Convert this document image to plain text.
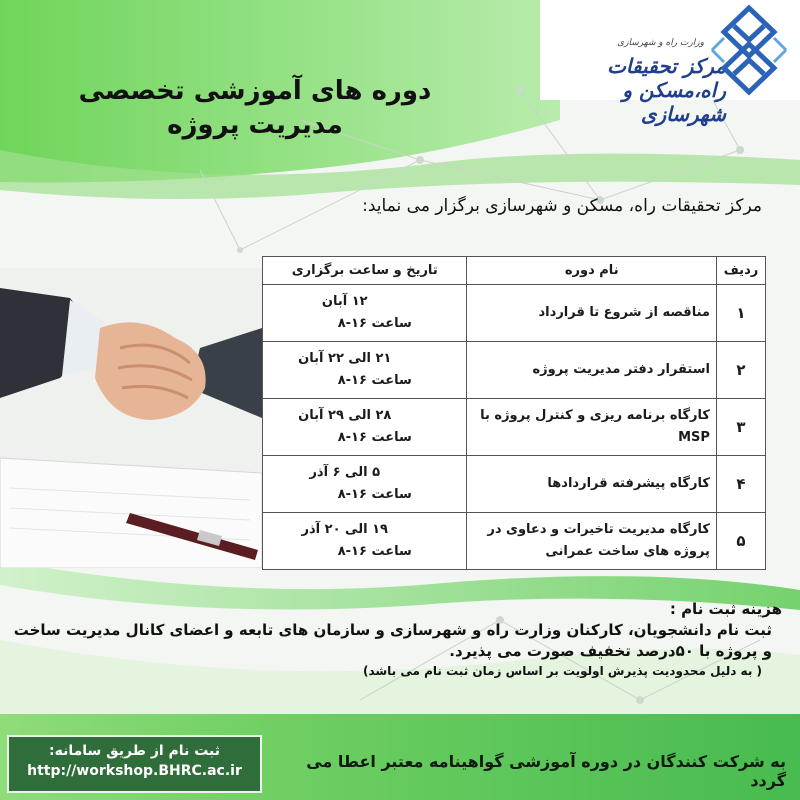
دوره های آموزشی تخصصی
مدیریت پروژه
وزارت راه و شهرسازی
مرکز تحقیقات راه،مسکن و شهرسازی
مرکز تحقیقات راه، مسکن و شهرسازی برگزار می نماید:
ردیف	نام دوره	تاریخ و ساعت برگزاری
۱	مناقصه از شروع تا قرارداد	۱۲ آبان
ساعت ۱۶-۸

۲	استقرار دفتر مدیریت پروژه	۲۱ الی ۲۲ آبان
ساعت ۱۶-۸

۳	کارگاه برنامه ریزی و کنترل پروژه با MSP	۲۸ الی ۲۹ آبان
ساعت ۱۶-۸

۴	کارگاه پیشرفته قراردادها	۵ الی ۶ آذر
ساعت ۱۶-۸

۵	کارگاه مدیریت تاخیرات و دعاوی در پروژه های ساخت عمرانی	۱۹ الی ۲۰ آذر
ساعت ۱۶-۸
هزینه ثبت نام :
ثبت نام دانشجویان، کارکنان وزارت راه و شهرسازی و سازمان های تابعه و اعضای کانال مدیریت ساخت و پروژه با ۵۰درصد تخفیف صورت می پذیرد.
( به دلیل محدودیت پذیرش اولویت بر اساس زمان ثبت نام می باشد)
ثبت نام از طریق سامانه:
http://workshop.BHRC.ac.ir	به شرکت کنندگان در دوره آموزشی گواهینامه معتبر اعطا می گردد
